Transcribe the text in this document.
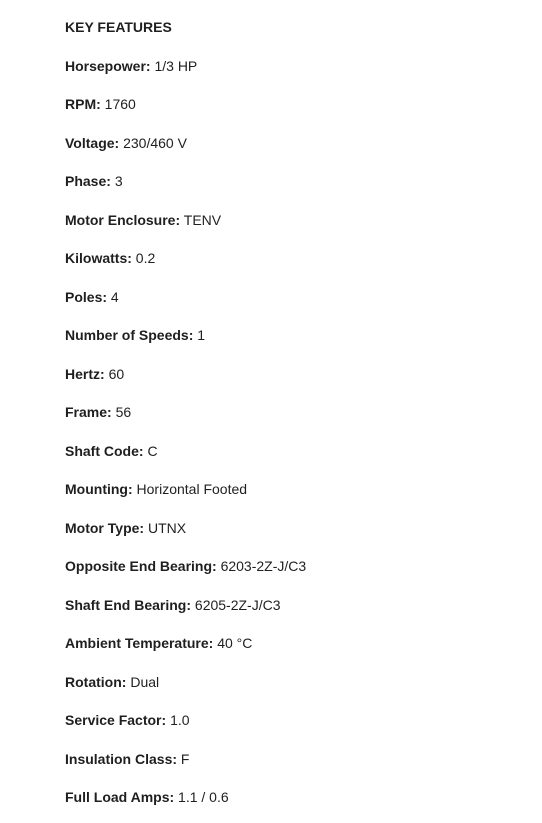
KEY FEATURES
Horsepower: 1/3 HP
RPM: 1760
Voltage: 230/460 V
Phase: 3
Motor Enclosure: TENV
Kilowatts: 0.2
Poles: 4
Number of Speeds: 1
Hertz: 60
Frame: 56
Shaft Code: C
Mounting: Horizontal Footed
Motor Type: UTNX
Opposite End Bearing: 6203-2Z-J/C3
Shaft End Bearing: 6205-2Z-J/C3
Ambient Temperature: 40 °C
Rotation: Dual
Service Factor: 1.0
Insulation Class: F
Full Load Amps: 1.1 / 0.6
